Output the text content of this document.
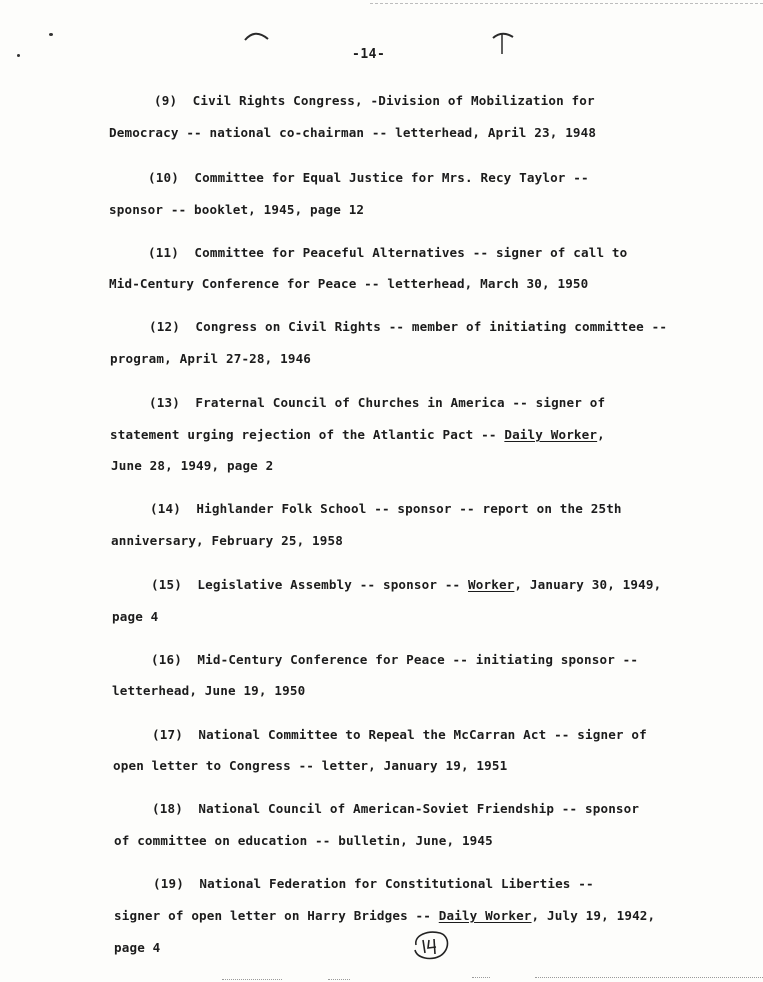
-14-
(9)  Civil Rights Congress, -Division of Mobilization for
Democracy -- national co-chairman -- letterhead, April 23, 1948
(10)  Committee for Equal Justice for Mrs. Recy Taylor --
sponsor -- booklet, 1945, page 12
(11)  Committee for Peaceful Alternatives -- signer of call to
Mid-Century Conference for Peace -- letterhead, March 30, 1950
(12)  Congress on Civil Rights -- member of initiating committee --
program, April 27-28, 1946
(13)  Fraternal Council of Churches in America -- signer of
statement urging rejection of the Atlantic Pact -- Daily Worker,
June 28, 1949, page 2
(14)  Highlander Folk School -- sponsor -- report on the 25th
anniversary, February 25, 1958
(15)  Legislative Assembly -- sponsor -- Worker, January 30, 1949,
page 4
(16)  Mid-Century Conference for Peace -- initiating sponsor --
letterhead, June 19, 1950
(17)  National Committee to Repeal the McCarran Act -- signer of
open letter to Congress -- letter, January 19, 1951
(18)  National Council of American-Soviet Friendship -- sponsor
of committee on education -- bulletin, June, 1945
(19)  National Federation for Constitutional Liberties --
signer of open letter on Harry Bridges -- Daily Worker, July 19, 1942,
page 4
